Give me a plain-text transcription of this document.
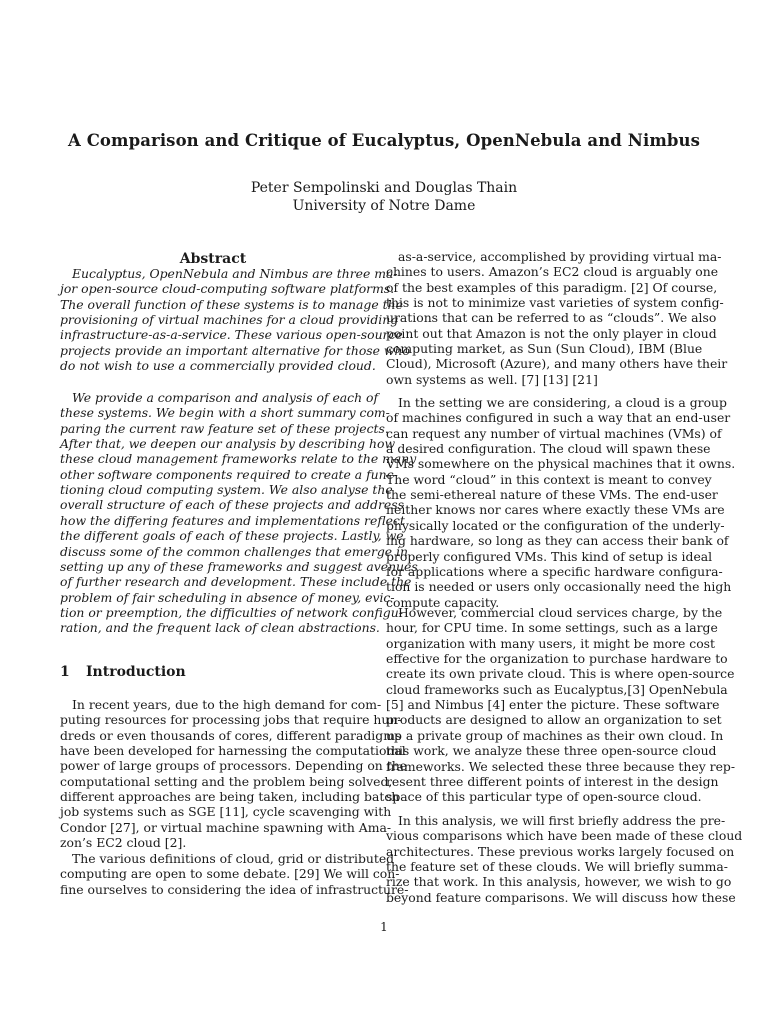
A Comparison and Critique of Eucalyptus, OpenNebula and Nimbus
Peter Sempolinski and Douglas Thain
University of Notre Dame
Abstract
Eucalyptus, OpenNebula and Nimbus are three ma-
jor open-source cloud-computing software platforms.
The overall function of these systems is to manage the
provisioning of virtual machines for a cloud providing
infrastructure-as-a-service. These various open-source
projects provide an important alternative for those who
do not wish to use a commercially provided cloud.
We provide a comparison and analysis of each of
these systems. We begin with a short summary com-
paring the current raw feature set of these projects.
After that, we deepen our analysis by describing how
these cloud management frameworks relate to the many
other software components required to create a func-
tioning cloud computing system. We also analyse the
overall structure of each of these projects and address
how the differing features and implementations reflect
the different goals of each of these projects. Lastly, we
discuss some of the common challenges that emerge in
setting up any of these frameworks and suggest avenues
of further research and development. These include the
problem of fair scheduling in absence of money, evic-
tion or preemption, the difficulties of network configu-
ration, and the frequent lack of clean abstractions.
1 Introduction
In recent years, due to the high demand for com-
puting resources for processing jobs that require hun-
dreds or even thousands of cores, different paradigms
have been developed for harnessing the computational
power of large groups of processors. Depending on the
computational setting and the problem being solved,
different approaches are being taken, including batch
job systems such as SGE [11], cycle scavenging with
Condor [27], or virtual machine spawning with Ama-
zon’s EC2 cloud [2].
The various definitions of cloud, grid or distributed
computing are open to some debate. [29] We will con-
fine ourselves to considering the idea of infrastructure-
as-a-service, accomplished by providing virtual ma-
chines to users. Amazon’s EC2 cloud is arguably one
of the best examples of this paradigm. [2] Of course,
this is not to minimize vast varieties of system config-
urations that can be referred to as “clouds”. We also
point out that Amazon is not the only player in cloud
computing market, as Sun (Sun Cloud), IBM (Blue
Cloud), Microsoft (Azure), and many others have their
own systems as well. [7] [13] [21]
In the setting we are considering, a cloud is a group
of machines configured in such a way that an end-user
can request any number of virtual machines (VMs) of
a desired configuration. The cloud will spawn these
VMs somewhere on the physical machines that it owns.
The word “cloud” in this context is meant to convey
the semi-ethereal nature of these VMs. The end-user
neither knows nor cares where exactly these VMs are
physically located or the configuration of the underly-
ing hardware, so long as they can access their bank of
properly configured VMs. This kind of setup is ideal
for applications where a specific hardware configura-
tion is needed or users only occasionally need the high
compute capacity.
However, commercial cloud services charge, by the
hour, for CPU time. In some settings, such as a large
organization with many users, it might be more cost
effective for the organization to purchase hardware to
create its own private cloud. This is where open-source
cloud frameworks such as Eucalyptus,[3] OpenNebula
[5] and Nimbus [4] enter the picture. These software
products are designed to allow an organization to set
up a private group of machines as their own cloud. In
this work, we analyze these three open-source cloud
frameworks. We selected these three because they rep-
resent three different points of interest in the design
space of this particular type of open-source cloud.
In this analysis, we will first briefly address the pre-
vious comparisons which have been made of these cloud
architectures. These previous works largely focused on
the feature set of these clouds. We will briefly summa-
rize that work. In this analysis, however, we wish to go
beyond feature comparisons. We will discuss how these
1
